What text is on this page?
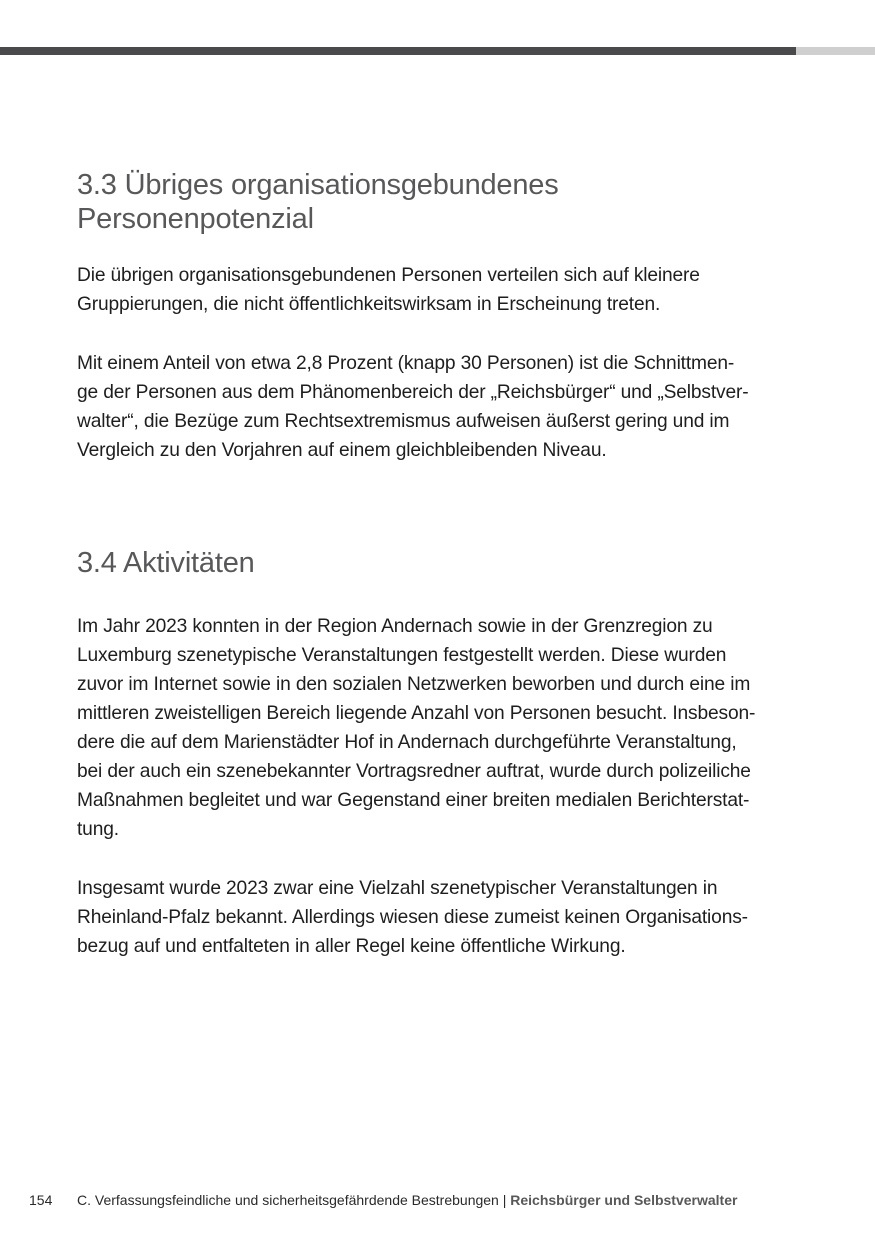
3.3 Übriges organisationsgebundenes
Personenpotenzial

Die übrigen organisationsgebundenen Personen verteilen sich auf kleinere
Gruppierungen, die nicht öffentlichkeitswirksam in Erscheinung treten.

Mit einem Anteil von etwa 2,8 Prozent (knapp 30 Personen) ist die Schnittmen-
ge der Personen aus dem Phänomenbereich der „Reichsbürger“ und „Selbstver-
walter“, die Bezüge zum Rechtsextremismus aufweisen äußerst gering und im
Vergleich zu den Vorjahren auf einem gleichbleibenden Niveau.

3.4 Aktivitäten

Im Jahr 2023 konnten in der Region Andernach sowie in der Grenzregion zu
Luxemburg szenetypische Veranstaltungen festgestellt werden. Diese wurden
zuvor im Internet sowie in den sozialen Netzwerken beworben und durch eine im
mittleren zweistelligen Bereich liegende Anzahl von Personen besucht. Insbeson-
dere die auf dem Marienstädter Hof in Andernach durchgeführte Veranstaltung,
bei der auch ein szenebekannter Vortragsredner auftrat, wurde durch polizeiliche
Maßnahmen begleitet und war Gegenstand einer breiten medialen Berichterstat-
tung.

Insgesamt wurde 2023 zwar eine Vielzahl szenetypischer Veranstaltungen in
Rheinland-Pfalz bekannt. Allerdings wiesen diese zumeist keinen Organisations-
bezug auf und entfalteten in aller Regel keine öffentliche Wirkung.

154 C. Verfassungsfeindliche und sicherheitsgefährdende Bestrebungen | Reichsbürger und Selbstverwalter
